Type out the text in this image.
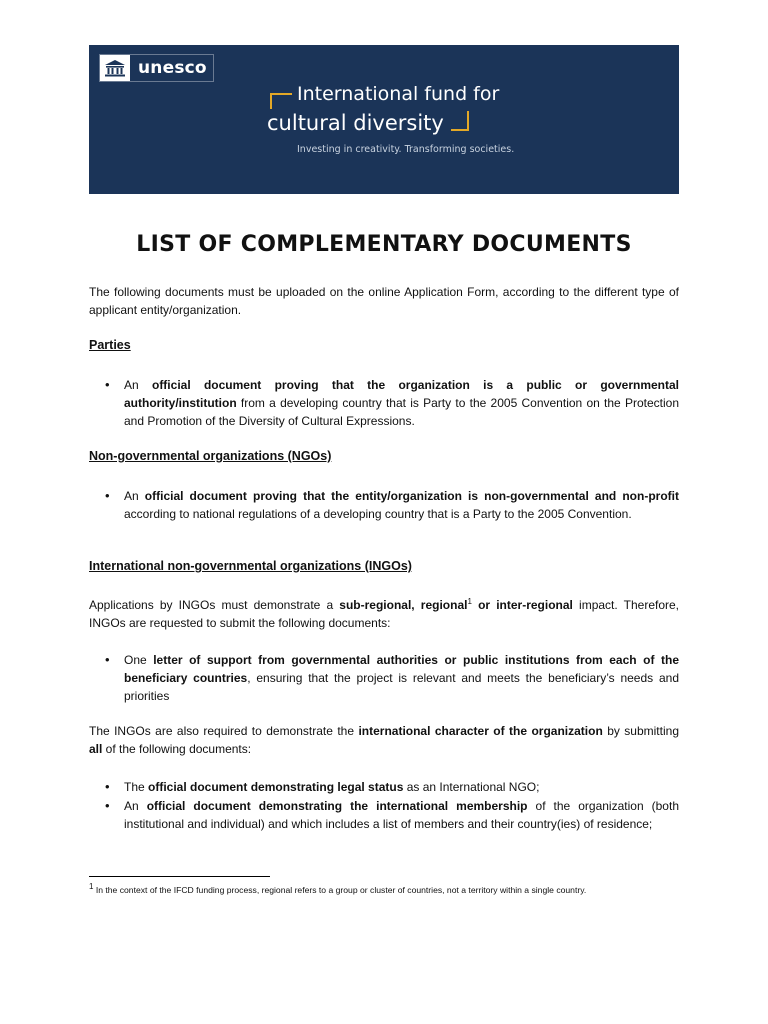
unesco
International fund for
cultural diversity
Investing in creativity. Transforming societies.
LIST OF COMPLEMENTARY DOCUMENTS
The following documents must be uploaded on the online Application Form, according to the different type of applicant entity/organization.
Parties
• An official document proving that the organization is a public or governmental authority/institution from a developing country that is Party to the 2005 Convention on the Protection and Promotion of the Diversity of Cultural Expressions.
Non-governmental organizations (NGOs)
• An official document proving that the entity/organization is non-governmental and non-profit according to national regulations of a developing country that is a Party to the 2005 Convention.
International non-governmental organizations (INGOs)
Applications by INGOs must demonstrate a sub-regional, regional$^1$ or inter-regional impact. Therefore, INGOs are requested to submit the following documents:
• One letter of support from governmental authorities or public institutions from each of the beneficiary countries, ensuring that the project is relevant and meets the beneficiary’s needs and priorities
The INGOs are also required to demonstrate the international character of the organization by submitting all of the following documents:
• The official document demonstrating legal status as an International NGO;
• An official document demonstrating the international membership of the organization (both institutional and individual) and which includes a list of members and their country(ies) of residence;
$^1$ In the context of the IFCD funding process, regional refers to a group or cluster of countries, not a territory within a single country.
